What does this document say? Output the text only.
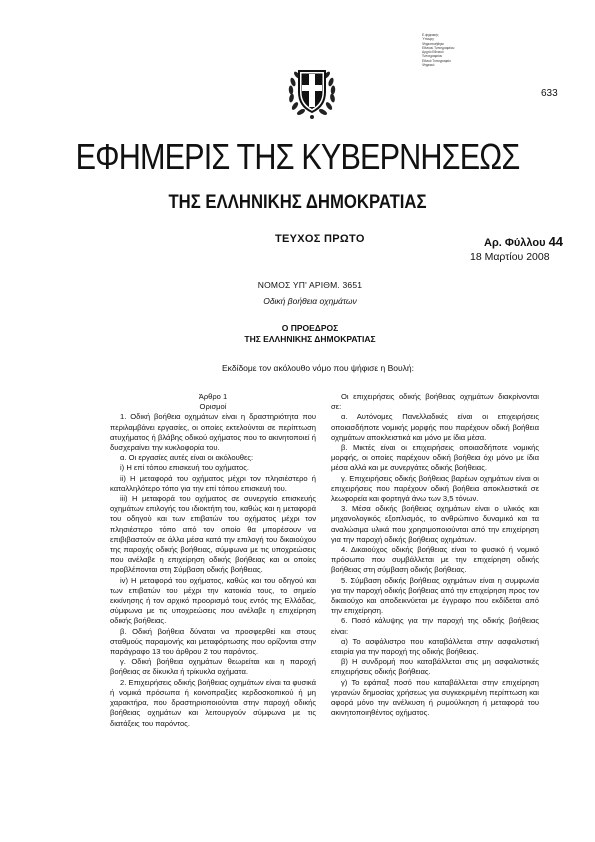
633
E.ψηφιακής
Ύπουργ
Ψηφιοποιήθηκε
Εθνικού Τυπογραφείου
Αρχείο Εθνικού
Τυπογραφείου
Εθνικό Τυπογραφείο
Ψηφιακό
ΕΦΗΜΕΡΙΣ ΤΗΣ ΚΥΒΕΡΝΗΣΕΩΣ
ΤΗΣ ΕΛΛΗΝΙΚΗΣ ΔΗΜΟΚΡΑΤΙΑΣ
ΤΕΥΧΟΣ ΠΡΩΤΟ	Αρ. Φύλλου 44
18 Μαρτίου 2008
ΝΟΜΟΣ ΥΠ' ΑΡΙΘΜ. 3651
Οδική βοήθεια οχημάτων
Ο ΠΡΟΕΔΡΟΣ
ΤΗΣ ΕΛΛΗΝΙΚΗΣ ΔΗΜΟΚΡΑΤΙΑΣ
Εκδίδομε τον ακόλουθο νόμο που ψήφισε η Βουλή:

Άρθρο 1

Ορισμοί

1. Οδική βοήθεια οχημάτων είναι η δραστηριότητα που περιλαμβάνει εργασίες, οι οποίες εκτελούνται σε περίπτωση ατυχήματος ή βλάβης οδικού οχήματος που το ακινητοποιεί ή δυσχεραίνει την κυκλοφορία του.

α. Οι εργασίες αυτές είναι οι ακόλουθες:

i) Η επί τόπου επισκευή του οχήματος.

ii) Η μεταφορά του οχήματος μέχρι τον πλησιέστερο ή καταλληλότερο τόπο για την επί τόπου επισκευή του.

iii) Η μεταφορά του οχήματος σε συνεργείο επισκευής οχημάτων επιλογής του ιδιοκτήτη του, καθώς και η μεταφορά του οδηγού και των επιβατών του οχήματος μέχρι τον πλησιέστερο τόπο από τον οποίο θα μπορέσουν να επιβιβαστούν σε άλλα μέσα κατά την επιλογή του δικαιούχου της παροχής οδικής βοήθειας, σύμφωνα με τις υποχρεώσεις που ανέλαβε η επιχείρηση οδικής βοήθειας και οι οποίες προβλέπονται στη Σύμβαση οδικής βοήθειας.

iv) Η μεταφορά του οχήματος, καθώς και του οδηγού και των επιβατών του μέχρι την κατοικία τους, το σημείο εκκίνησης ή τον αρχικό προορισμό τους εντός της Ελλάδας, σύμφωνα με τις υποχρεώσεις που ανέλαβε η επιχείρηση οδικής βοήθειας.

β. Οδική βοήθεια δύναται να προσφερθεί και στους σταθμούς παραμονής και μεταφόρτωσης που ορίζονται στην παράγραφο 13 του άρθρου 2 του παρόντος.

γ. Οδική βοήθεια οχημάτων θεωρείται και η παροχή βοήθειας σε δίκυκλα ή τρίκυκλα οχήματα.

2. Επιχειρήσεις οδικής βοήθειας οχημάτων είναι τα φυσικά ή νομικά πρόσωπα ή κοινοπραξίες κερδοσκοπικού ή μη χαρακτήρα, που δραστηριοποιούνται στην παροχή οδικής βοήθειας οχημάτων και λειτουργούν σύμφωνα με τις διατάξεις του παρόντος.

Οι επιχειρήσεις οδικής βοήθειας οχημάτων διακρίνονται σε:

α. Αυτόνομες Πανελλαδικές είναι οι επιχειρήσεις οποιασδήποτε νομικής μορφής που παρέχουν οδική βοήθεια οχημάτων αποκλειστικά και μόνο με ίδια μέσα.

β. Μικτές είναι οι επιχειρήσεις οποιασδήποτε νομικής μορφής, οι οποίες παρέχουν οδική βοήθεια όχι μόνο με ίδια μέσα αλλά και με συνεργάτες οδικής βοήθειας.

γ. Επιχειρήσεις οδικής βοήθειας βαρέων οχημάτων είναι οι επιχειρήσεις που παρέχουν οδική βοήθεια αποκλειστικά σε λεωφορεία και φορτηγά άνω των 3,5 τόνων.

3. Μέσα οδικής βοήθειας οχημάτων είναι ο υλικός και μηχανολογικός εξοπλισμός, το ανθρώπινο δυναμικό και τα αναλώσιμα υλικά που χρησιμοποιούνται από την επιχείρηση για την παροχή οδικής βοήθειας οχημάτων.

4. Δικαιούχος οδικής βοήθειας είναι το φυσικό ή νομικό πρόσωπο που συμβάλλεται με την επιχείρηση οδικής βοήθειας στη σύμβαση οδικής βοήθειας.

5. Σύμβαση οδικής βοήθειας οχημάτων είναι η συμφωνία για την παροχή οδικής βοήθειας από την επιχείρηση προς τον δικαιούχο και αποδεικνύεται με έγγραφο που εκδίδεται από την επιχείρηση.

6. Ποσό κάλυψης για την παροχή της οδικής βοήθειας είναι:

α) Το ασφάλιστρο που καταβάλλεται στην ασφαλιστική εταιρία για την παροχή της οδικής βοήθειας.

β) Η συνδρομή που καταβάλλεται στις μη ασφαλιστικές επιχειρήσεις οδικής βοήθειας.

γ) Το εφάπαξ ποσό που καταβάλλεται στην επιχείρηση γερανών δημοσίας χρήσεως για συγκεκριμένη περίπτωση και αφορά μόνο την ανέλκυση ή ρυμούλκηση ή μεταφορά του ακινητοποιηθέντος οχήματος.
